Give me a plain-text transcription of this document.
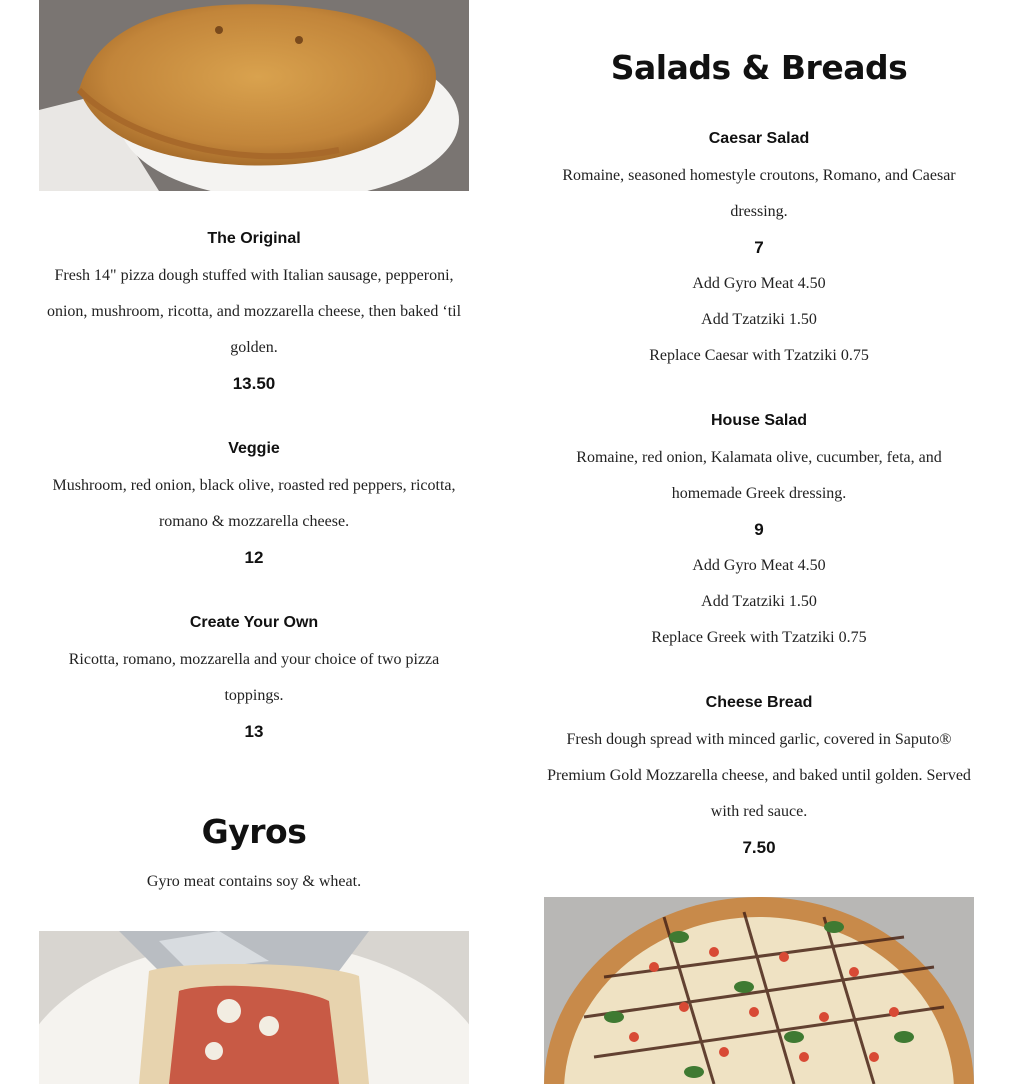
The Original
Fresh 14" pizza dough stuffed with Italian sausage, pepperoni, onion, mushroom, ricotta, and mozzarella cheese, then baked ‘til golden.
13.50
Veggie
Mushroom, red onion, black olive, roasted red peppers, ricotta, romano & mozzarella cheese.
12
Create Your Own
Ricotta, romano, mozzarella and your choice of two pizza toppings.
13
Gyros
Gyro meat contains soy & wheat.
Salads & Breads
Caesar Salad
Romaine, seasoned homestyle croutons, Romano, and Caesar dressing.
7
Add Gyro Meat 4.50
Add Tzatziki 1.50
Replace Caesar with Tzatziki 0.75
House Salad
Romaine, red onion, Kalamata olive, cucumber, feta, and homemade Greek dressing.
9
Add Gyro Meat 4.50
Add Tzatziki 1.50
Replace Greek with Tzatziki 0.75
Cheese Bread
Fresh dough spread with minced garlic, covered in Saputo® Premium Gold Mozzarella cheese, and baked until golden. Served with red sauce.
7.50
